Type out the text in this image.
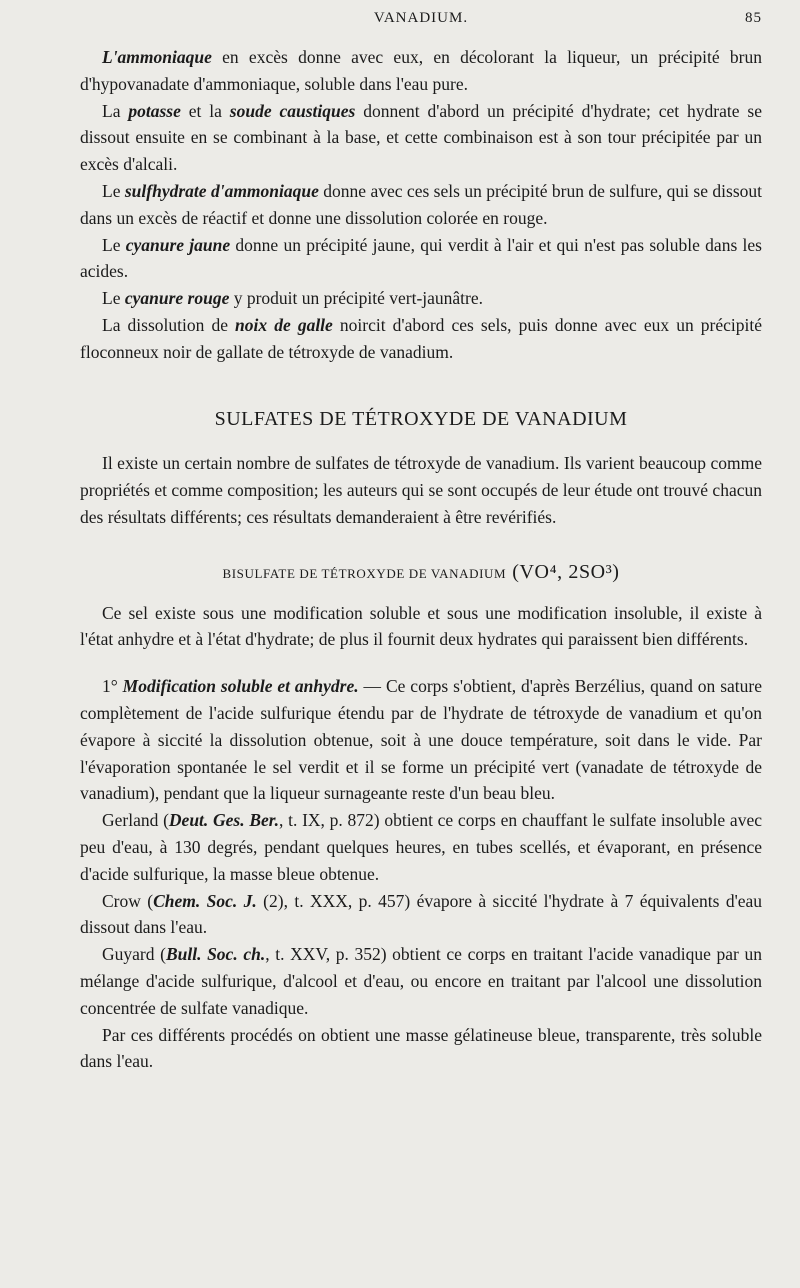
VANADIUM.	85

L'ammoniaque en excès donne avec eux, en décolorant la liqueur, un précipité brun d'hypovanadate d'ammoniaque, soluble dans l'eau pure.

La potasse et la soude caustiques donnent d'abord un précipité d'hydrate; cet hydrate se dissout ensuite en se combinant à la base, et cette combinaison est à son tour précipitée par un excès d'alcali.

Le sulfhydrate d'ammoniaque donne avec ces sels un précipité brun de sulfure, qui se dissout dans un excès de réactif et donne une dissolution colorée en rouge.

Le cyanure jaune donne un précipité jaune, qui verdit à l'air et qui n'est pas soluble dans les acides.

Le cyanure rouge y produit un précipité vert-jaunâtre.

La dissolution de noix de galle noircit d'abord ces sels, puis donne avec eux un précipité floconneux noir de gallate de tétroxyde de vanadium.

SULFATES DE TÉTROXYDE DE VANADIUM

Il existe un certain nombre de sulfates de tétroxyde de vanadium. Ils varient beaucoup comme propriétés et comme composition; les auteurs qui se sont occupés de leur étude ont trouvé chacun des résultats différents; ces résultats demanderaient à être revérifiés.

BISULFATE DE TÉTROXYDE DE VANADIUM (VO⁴, 2SO³)

Ce sel existe sous une modification soluble et sous une modification insoluble, il existe à l'état anhydre et à l'état d'hydrate; de plus il fournit deux hydrates qui paraissent bien différents.

1° Modification soluble et anhydre. — Ce corps s'obtient, d'après Berzélius, quand on sature complètement de l'acide sulfurique étendu par de l'hydrate de tétroxyde de vanadium et qu'on évapore à siccité la dissolution obtenue, soit à une douce température, soit dans le vide. Par l'évaporation spontanée le sel verdit et il se forme un précipité vert (vanadate de tétroxyde de vanadium), pendant que la liqueur surnageante reste d'un beau bleu.

Gerland (Deut. Ges. Ber., t. IX, p. 872) obtient ce corps en chauffant le sulfate insoluble avec peu d'eau, à 130 degrés, pendant quelques heures, en tubes scellés, et évaporant, en présence d'acide sulfurique, la masse bleue obtenue.

Crow (Chem. Soc. J. (2), t. XXX, p. 457) évapore à siccité l'hydrate à 7 équivalents d'eau dissout dans l'eau.

Guyard (Bull. Soc. ch., t. XXV, p. 352) obtient ce corps en traitant l'acide vanadique par un mélange d'acide sulfurique, d'alcool et d'eau, ou encore en traitant par l'alcool une dissolution concentrée de sulfate vanadique.

Par ces différents procédés on obtient une masse gélatineuse bleue, transparente, très soluble dans l'eau.
